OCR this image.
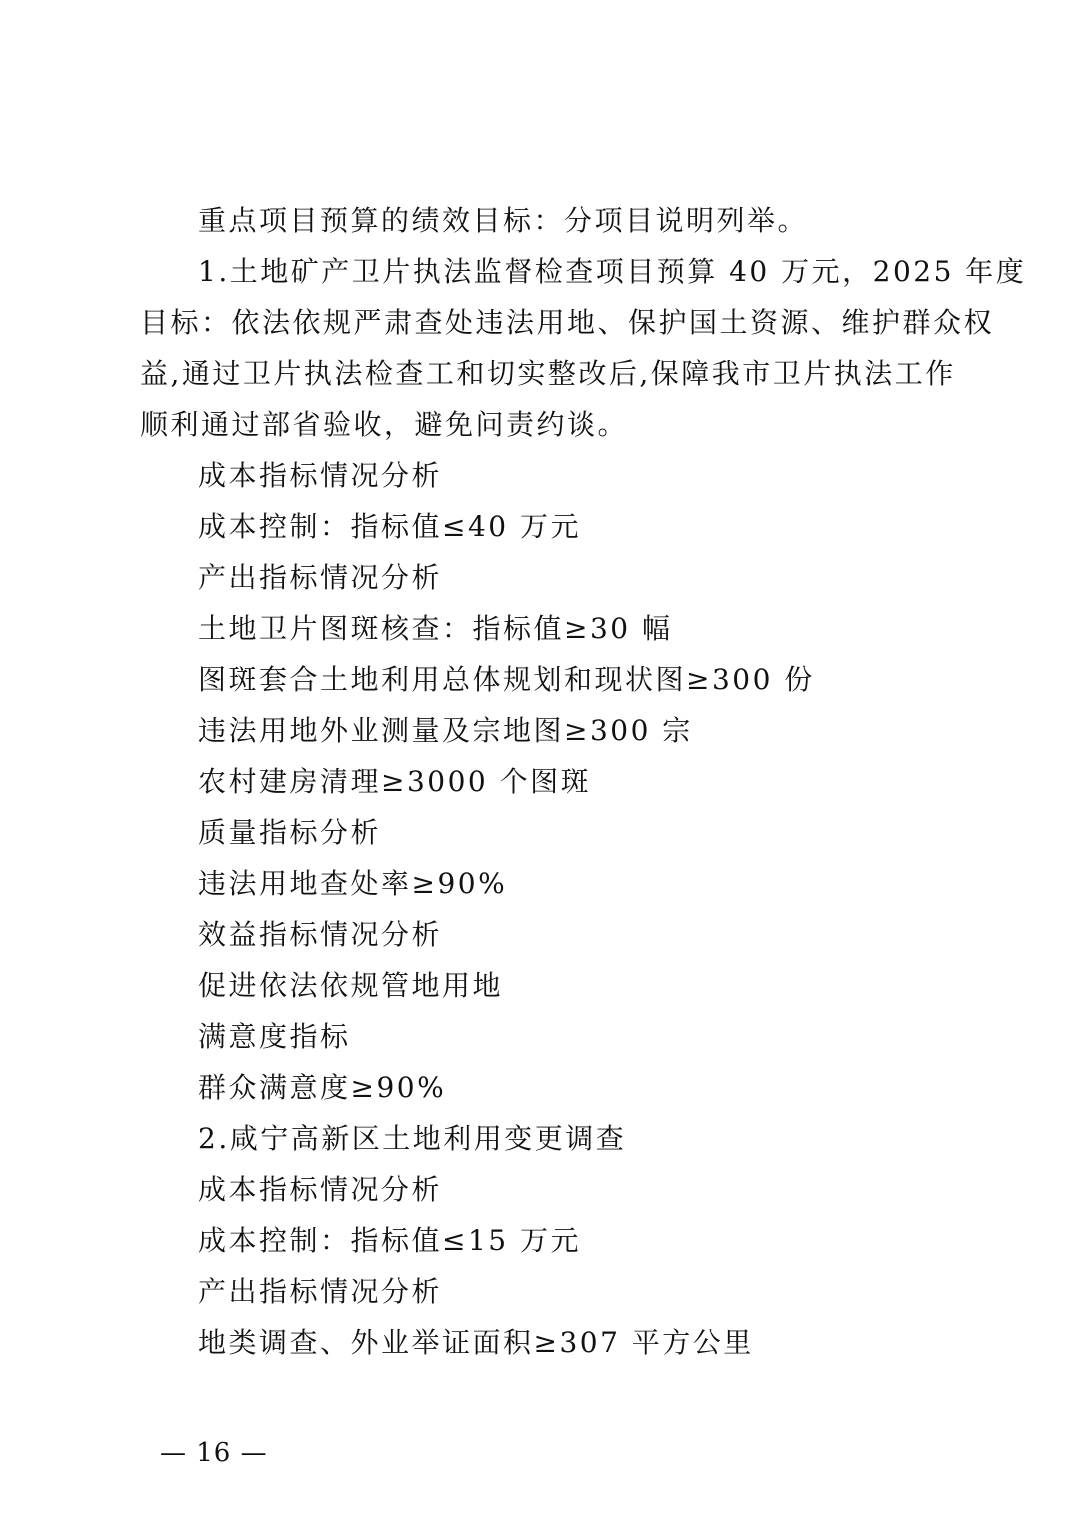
重点项目预算的绩效目标：分项目说明列举。
1.土地矿产卫片执法监督检查项目预算 40 万元，2025 年度
目标：依法依规严肃查处违法用地、保护国土资源、维护群众权
益,通过卫片执法检查工和切实整改后,保障我市卫片执法工作
顺利通过部省验收，避免问责约谈。
成本指标情况分析
成本控制：指标值≤40 万元
产出指标情况分析
土地卫片图斑核查：指标值≥30 幅
图斑套合土地利用总体规划和现状图≥300 份
违法用地外业测量及宗地图≥300 宗
农村建房清理≥3000 个图斑
质量指标分析
违法用地查处率≥90%
效益指标情况分析
促进依法依规管地用地
满意度指标
群众满意度≥90%
2.咸宁高新区土地利用变更调查
成本指标情况分析
成本控制：指标值≤15 万元
产出指标情况分析
地类调查、外业举证面积≥307 平方公里
— 16 —
